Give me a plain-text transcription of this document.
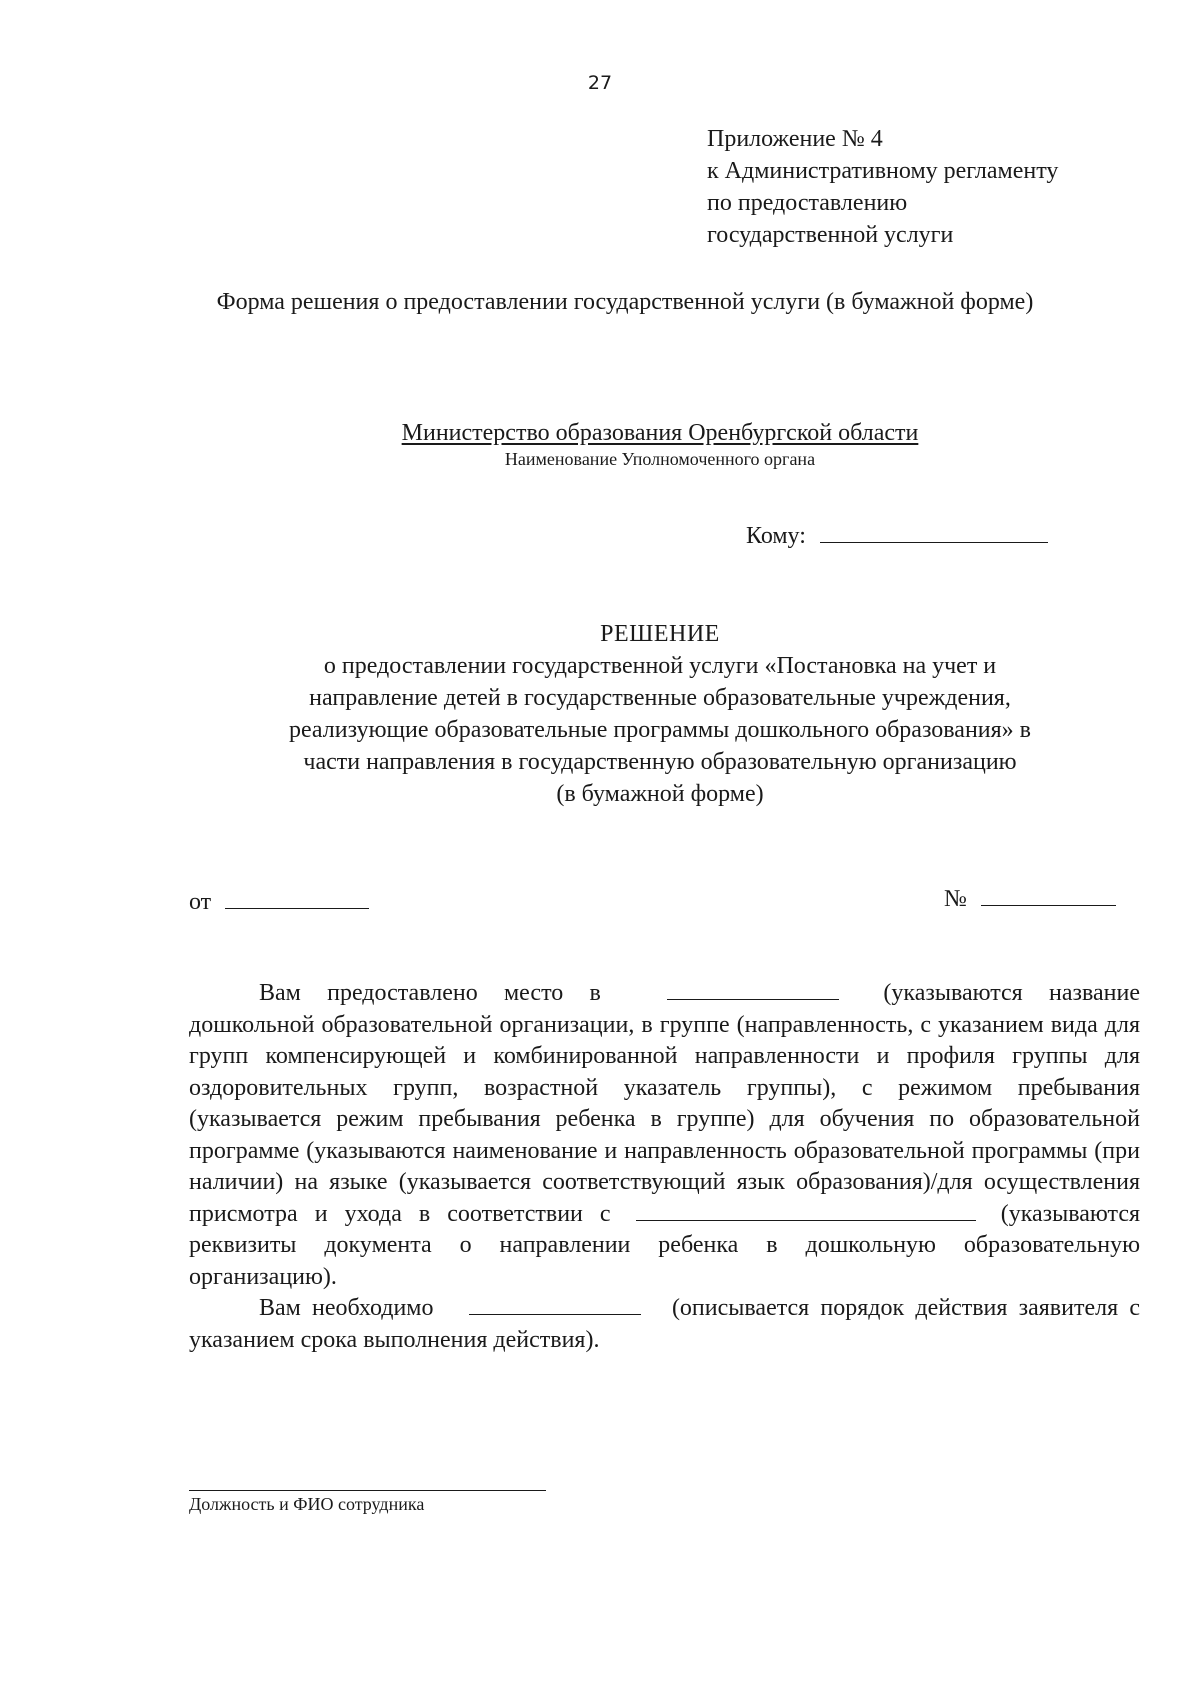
27
Приложение № 4
к Административному регламенту
по предоставлению
государственной услуги
Форма решения о предоставлении государственной услуги (в бумажной форме)
Министерство образования Оренбургской области
Наименование Уполномоченного органа
Кому:
РЕШЕНИЕ
о предоставлении государственной услуги «Постановка на учет и
направление детей в государственные образовательные учреждения,
реализующие образовательные программы дошкольного образования» в
части направления в государственную образовательную организацию
(в бумажной форме)
от	№

Вам предоставлено место в	(указываются название дошкольной образовательной организации, в группе (направленность, с указанием вида для групп компенсирующей и комбинированной направленности и профиля группы для оздоровительных групп, возрастной указатель группы), с режимом пребывания (указывается режим пребывания ребенка в группе) для обучения по образовательной программе (указываются наименование и направленность образовательной программы (при наличии) на языке (указывается соответствующий язык образования)/для осуществления присмотра и ухода в соответствии с	(указываются реквизиты документа о направлении ребенка в дошкольную образовательную организацию).

Вам необходимо	(описывается порядок действия заявителя с указанием срока выполнения действия).

Должность и ФИО сотрудника
